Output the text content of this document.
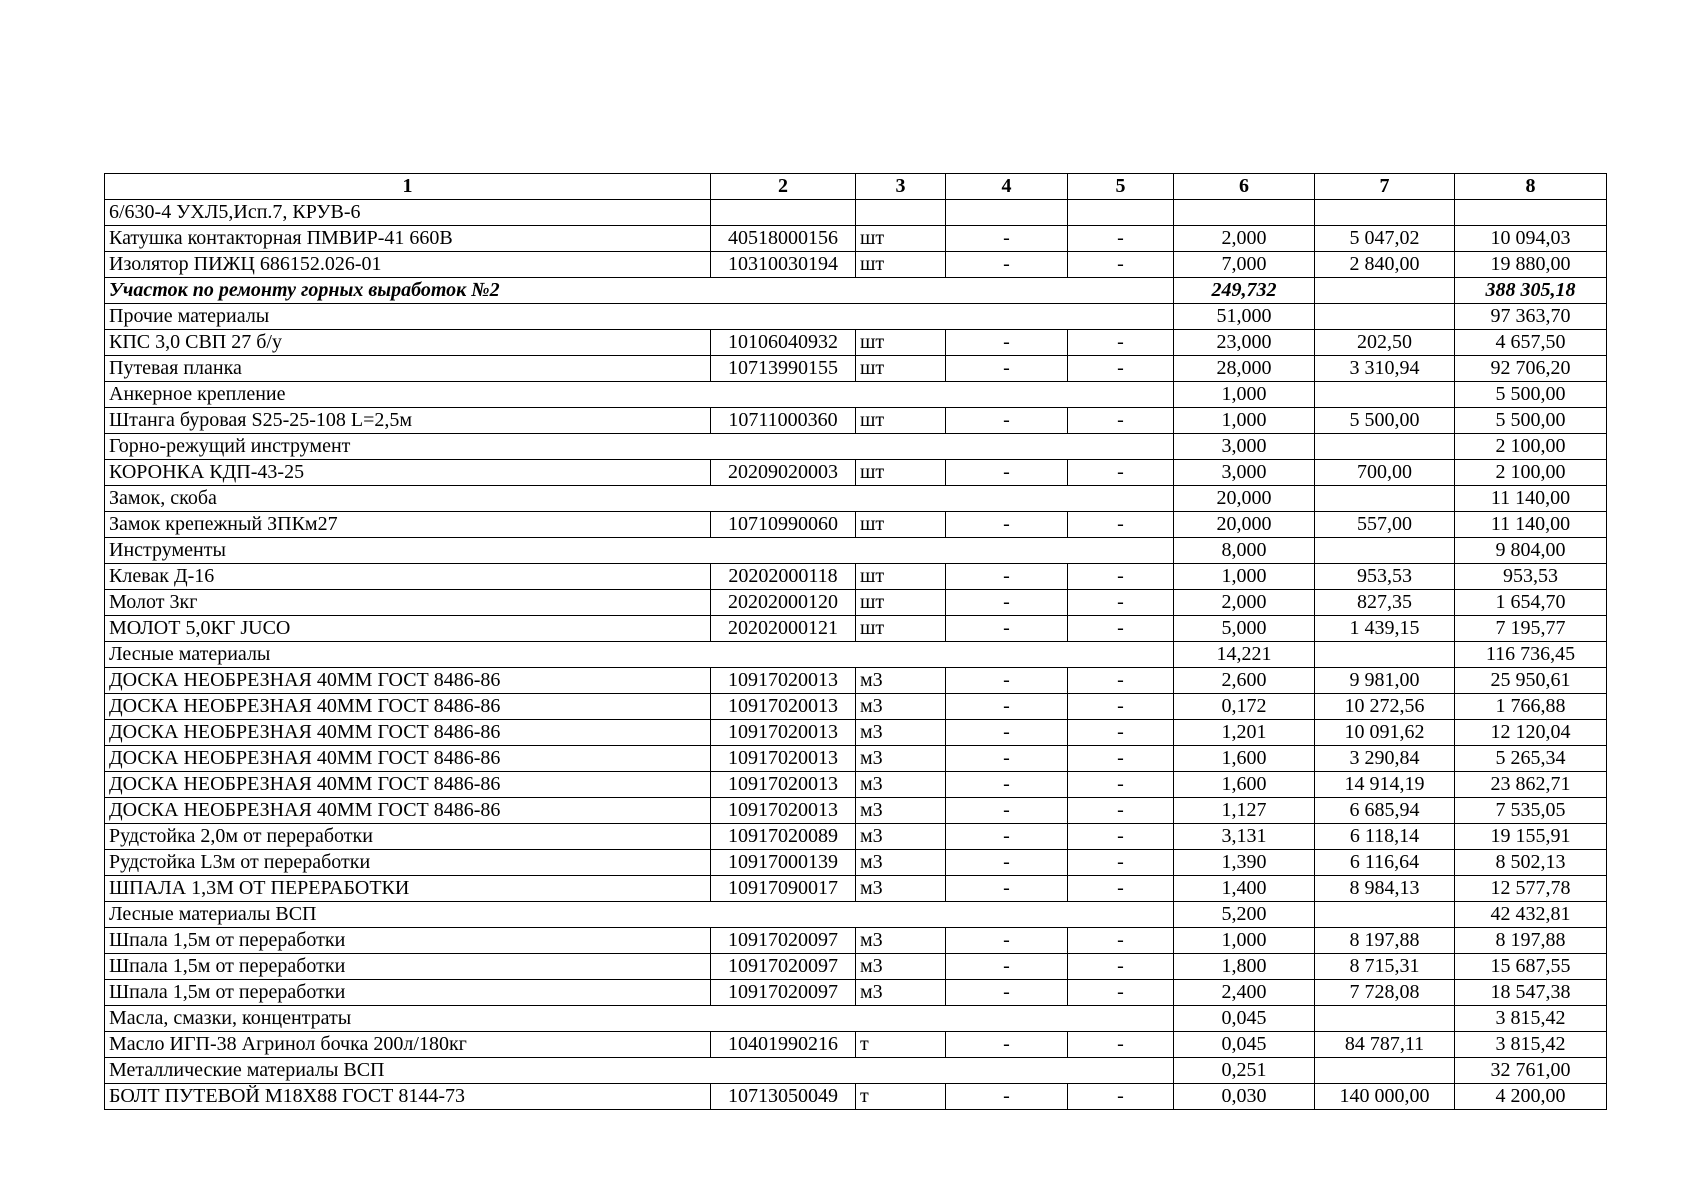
1	2	3	4	5	6	7	8
6/630-4 УХЛ5,Исп.7, КРУВ-6							
Катушка контакторная ПМВИР-41 660В	40518000156	шт	-	-	2,000	5 047,02	10 094,03
Изолятор ПИЖЦ 686152.026-01	10310030194	шт	-	-	7,000	2 840,00	19 880,00
Участок по ремонту горных выработок №2					249,732		388 305,18
Прочие материалы					51,000		97 363,70
КПС 3,0 СВП 27 б/у	10106040932	шт	-	-	23,000	202,50	4 657,50
Путевая планка	10713990155	шт	-	-	28,000	3 310,94	92 706,20
Анкерное крепление					1,000		5 500,00
Штанга буровая S25-25-108 L=2,5м	10711000360	шт	-	-	1,000	5 500,00	5 500,00
Горно-режущий инструмент					3,000		2 100,00
КОРОНКА КДП-43-25	20209020003	шт	-	-	3,000	700,00	2 100,00
Замок, скоба					20,000		11 140,00
Замок крепежный ЗПКм27	10710990060	шт	-	-	20,000	557,00	11 140,00
Инструменты					8,000		9 804,00
Клевак Д-16	20202000118	шт	-	-	1,000	953,53	953,53
Молот 3кг	20202000120	шт	-	-	2,000	827,35	1 654,70
МОЛОТ 5,0КГ JUCO	20202000121	шт	-	-	5,000	1 439,15	7 195,77
Лесные материалы					14,221		116 736,45
ДОСКА НЕОБРЕЗНАЯ 40ММ ГОСТ 8486-86	10917020013	м3	-	-	2,600	9 981,00	25 950,61
ДОСКА НЕОБРЕЗНАЯ 40ММ ГОСТ 8486-86	10917020013	м3	-	-	0,172	10 272,56	1 766,88
ДОСКА НЕОБРЕЗНАЯ 40ММ ГОСТ 8486-86	10917020013	м3	-	-	1,201	10 091,62	12 120,04
ДОСКА НЕОБРЕЗНАЯ 40ММ ГОСТ 8486-86	10917020013	м3	-	-	1,600	3 290,84	5 265,34
ДОСКА НЕОБРЕЗНАЯ 40ММ ГОСТ 8486-86	10917020013	м3	-	-	1,600	14 914,19	23 862,71
ДОСКА НЕОБРЕЗНАЯ 40ММ ГОСТ 8486-86	10917020013	м3	-	-	1,127	6 685,94	7 535,05
Рудстойка 2,0м от переработки	10917020089	м3	-	-	3,131	6 118,14	19 155,91
Рудстойка L3м от переработки	10917000139	м3	-	-	1,390	6 116,64	8 502,13
ШПАЛА 1,3М ОТ ПЕРЕРАБОТКИ	10917090017	м3	-	-	1,400	8 984,13	12 577,78
Лесные материалы ВСП					5,200		42 432,81
Шпала 1,5м от переработки	10917020097	м3	-	-	1,000	8 197,88	8 197,88
Шпала 1,5м от переработки	10917020097	м3	-	-	1,800	8 715,31	15 687,55
Шпала 1,5м от переработки	10917020097	м3	-	-	2,400	7 728,08	18 547,38
Масла, смазки, концентраты					0,045		3 815,42
Масло ИГП-38 Агринол бочка 200л/180кг	10401990216	т	-	-	0,045	84 787,11	3 815,42
Металлические материалы ВСП					0,251		32 761,00
БОЛТ ПУТЕВОЙ М18Х88 ГОСТ 8144-73	10713050049	т	-	-	0,030	140 000,00	4 200,00
